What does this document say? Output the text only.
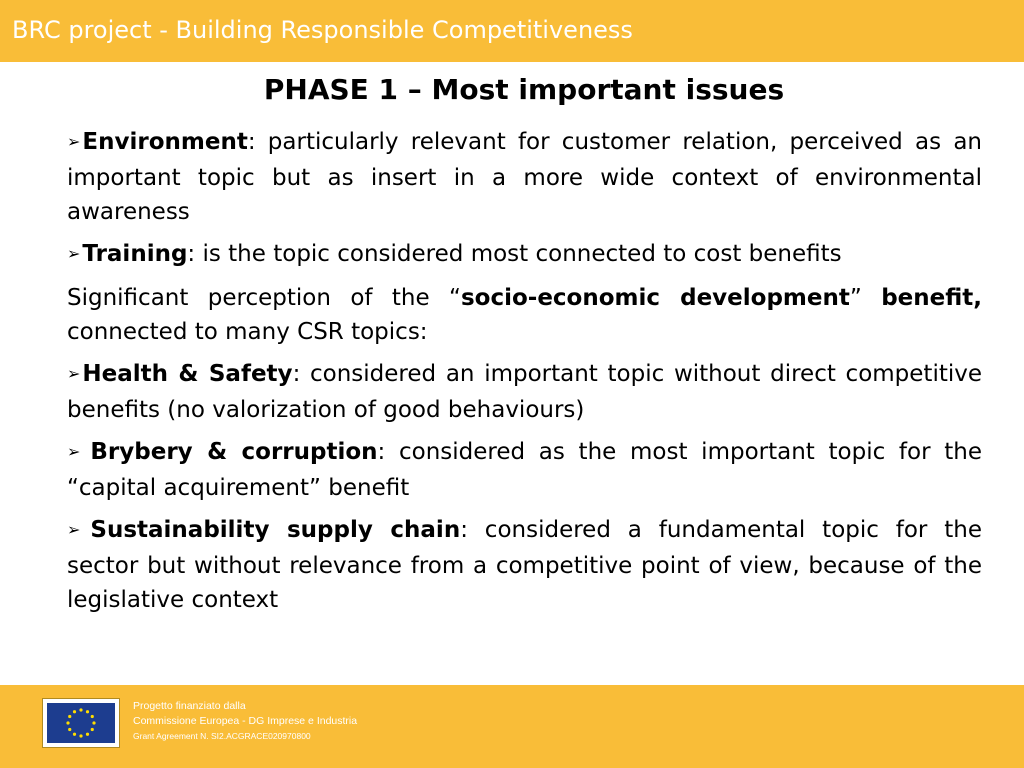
BRC project - Building Responsible Competitiveness
PHASE 1 – Most important issues

➢Environment: particularly relevant for customer relation, perceived as an important topic but as insert in a more wide context of environmental awareness

➢Training: is the topic considered most connected to cost benefits

Significant perception of the “socio-economic development” benefit, connected to many CSR topics:

➢Health & Safety: considered an important topic without direct competitive benefits (no valorization of good behaviours)

➢ Brybery & corruption: considered as the most important topic for the “capital acquirement” benefit

➢ Sustainability supply chain: considered a fundamental topic for the sector but without relevance from a competitive point of view, because of the legislative context

Progetto finanziato dalla
Commissione Europea - DG Imprese e Industria
Grant Agreement N. SI2.ACGRACE020970800
